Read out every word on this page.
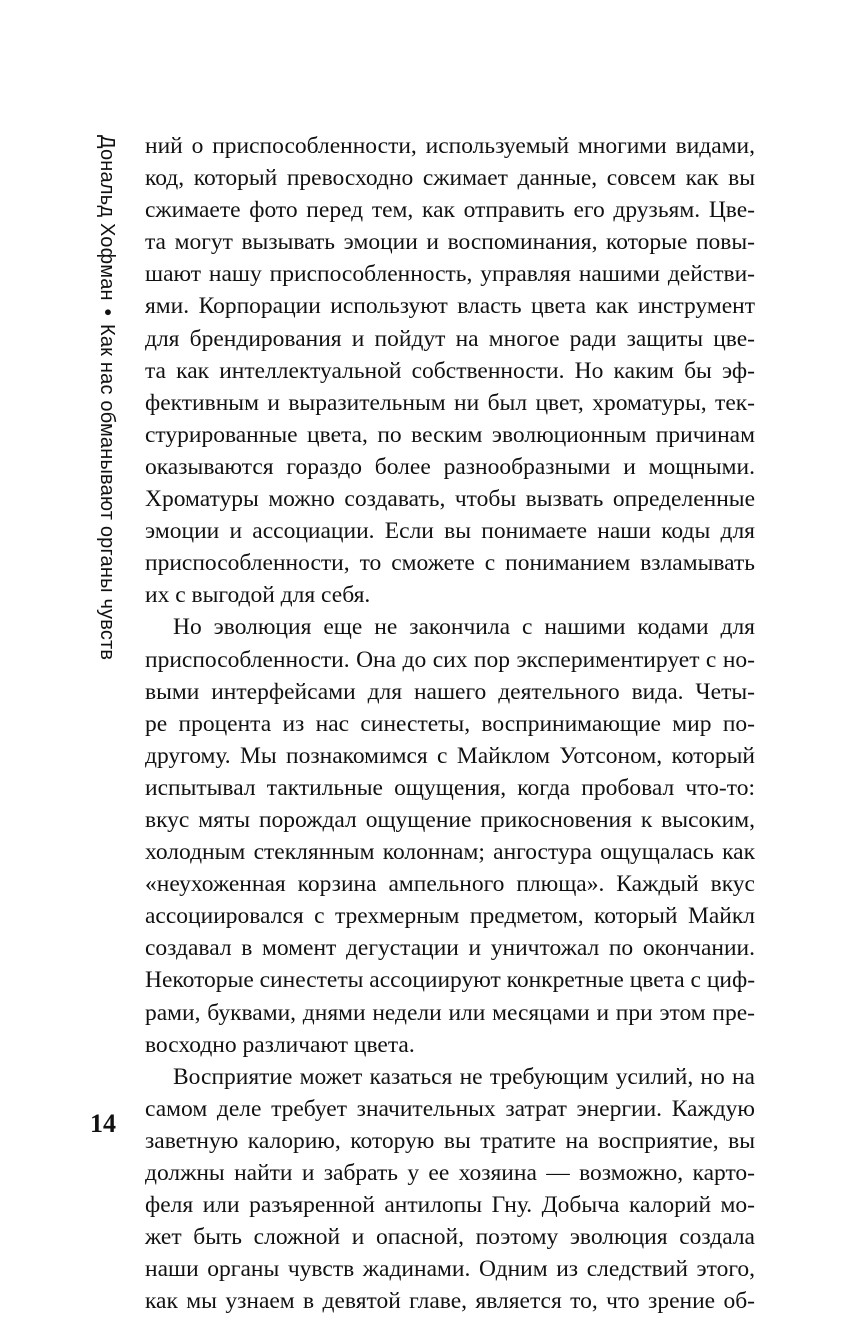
Дональд Хофман•Как нас обманывают органы чувств
ний о приспособленности, используемый многими видами,
код, который превосходно сжимает данные, совсем как вы
сжимаете фото перед тем, как отправить его друзьям. Цве-
та могут вызывать эмоции и воспоминания, которые повы-
шают нашу приспособленность, управляя нашими действи-
ями. Корпорации используют власть цвета как инструмент
для брендирования и пойдут на многое ради защиты цве-
та как интеллектуальной собственности. Но каким бы эф-
фективным и выразительным ни был цвет, хроматуры, тек-
стурированные цвета, по веским эволюционным причинам
оказываются гораздо более разнообразными и мощными.
Хроматуры можно создавать, чтобы вызвать определенные
эмоции и ассоциации. Если вы понимаете наши коды для
приспособленности, то сможете с пониманием взламывать
их с выгодой для себя.
Но эволюция еще не закончила с нашими кодами для
приспособленности. Она до сих пор экспериментирует с но-
выми интерфейсами для нашего деятельного вида. Четы-
ре процента из нас синестеты, воспринимающие мир по-
другому. Мы познакомимся с Майклом Уотсоном, который
испытывал тактильные ощущения, когда пробовал что-то:
вкус мяты порождал ощущение прикосновения к высоким,
холодным стеклянным колоннам; ангостура ощущалась как
«неухоженная корзина ампельного плюща». Каждый вкус
ассоциировался с трехмерным предметом, который Майкл
создавал в момент дегустации и уничтожал по окончании.
Некоторые синестеты ассоциируют конкретные цвета с циф-
рами, буквами, днями недели или месяцами и при этом пре-
восходно различают цвета.
Восприятие может казаться не требующим усилий, но на
самом деле требует значительных затрат энергии. Каждую
заветную калорию, которую вы тратите на восприятие, вы
должны найти и забрать у ее хозяина — возможно, карто-
феля или разъяренной антилопы Гну. Добыча калорий мо-
жет быть сложной и опасной, поэтому эволюция создала
наши органы чувств жадинами. Одним из следствий этого,
как мы узнаем в девятой главе, является то, что зрение об-
14
